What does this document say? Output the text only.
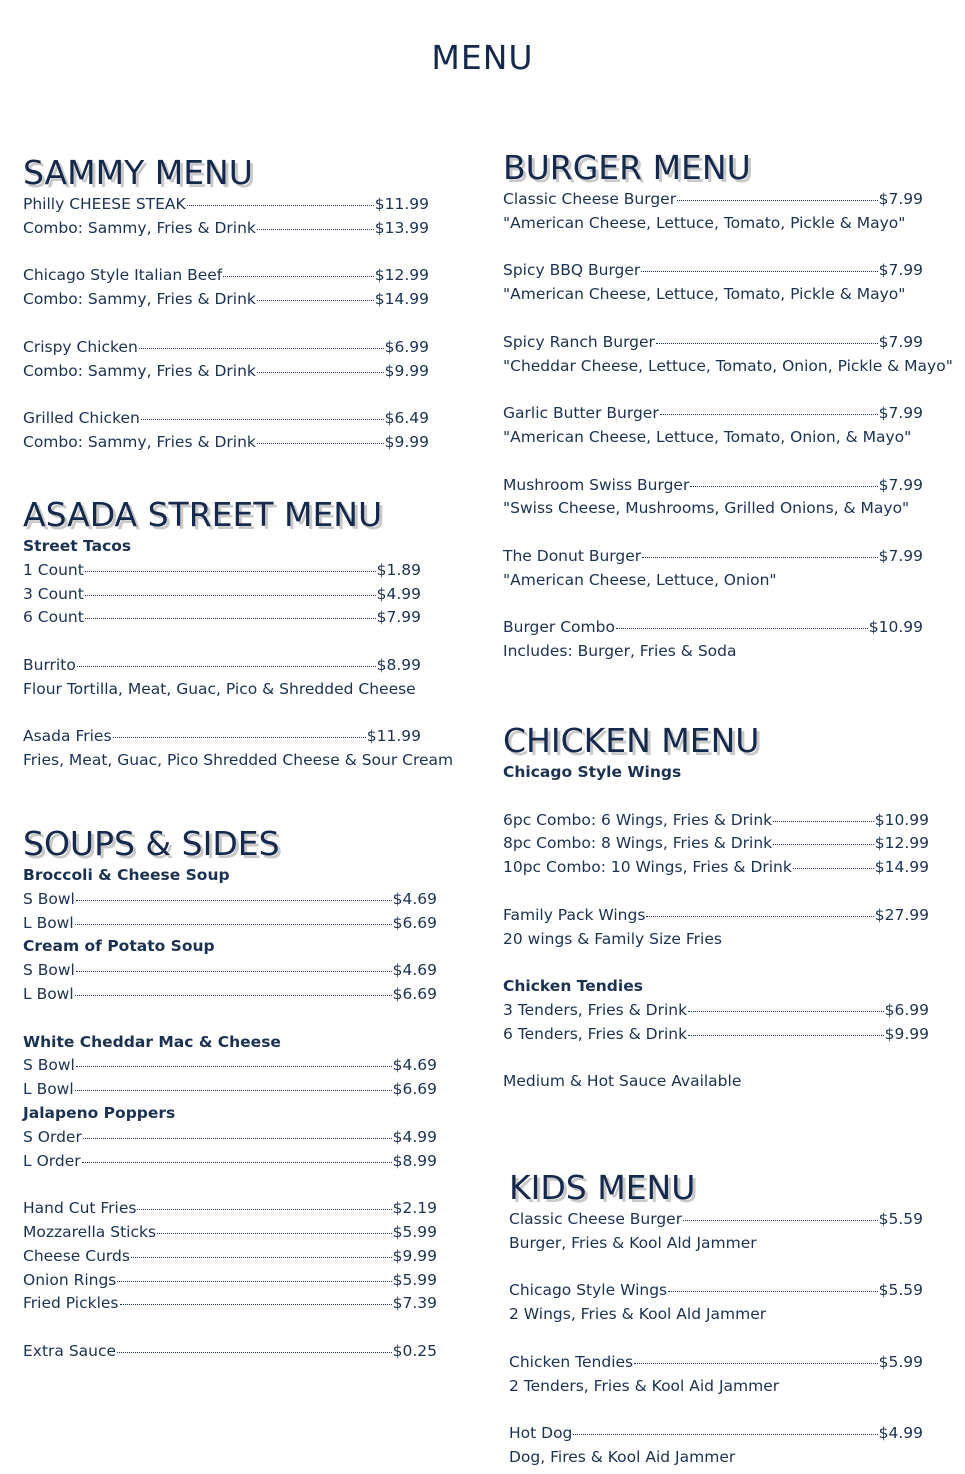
MENU
SAMMY MENU
Philly CHEESE STEAK	$11.99
Combo: Sammy, Fries & Drink	$13.99
Chicago Style Italian Beef	$12.99
Combo: Sammy, Fries & Drink	$14.99
Crispy Chicken	$6.99
Combo: Sammy, Fries & Drink	$9.99
Grilled Chicken	$6.49
Combo: Sammy, Fries & Drink	$9.99
ASADA STREET MENU
Street Tacos
1 Count	$1.89
3 Count	$4.99
6 Count	$7.99
Burrito	$8.99
Flour Tortilla, Meat, Guac, Pico & Shredded Cheese
Asada Fries	$11.99
Fries, Meat, Guac, Pico Shredded Cheese & Sour Cream
SOUPS & SIDES
Broccoli & Cheese Soup
S Bowl	$4.69
L Bowl	$6.69
Cream of Potato Soup
S Bowl	$4.69
L Bowl	$6.69
White Cheddar Mac & Cheese
S Bowl	$4.69
L Bowl	$6.69
Jalapeno Poppers
S Order	$4.99
L Order	$8.99
Hand Cut Fries	$2.19
Mozzarella Sticks	$5.99
Cheese Curds	$9.99
Onion Rings	$5.99
Fried Pickles	$7.39
Extra Sauce	$0.25
BURGER MENU
Classic Cheese Burger	$7.99
"American Cheese, Lettuce, Tomato, Pickle & Mayo"
Spicy BBQ Burger	$7.99
"American Cheese, Lettuce, Tomato, Pickle & Mayo"
Spicy Ranch Burger	$7.99
"Cheddar Cheese, Lettuce, Tomato, Onion, Pickle & Mayo"
Garlic Butter Burger	$7.99
"American Cheese, Lettuce, Tomato, Onion, & Mayo"
Mushroom Swiss Burger	$7.99
"Swiss Cheese, Mushrooms, Grilled Onions, & Mayo"
The Donut Burger	$7.99
"American Cheese, Lettuce, Onion"
Burger Combo	$10.99
Includes: Burger, Fries & Soda
CHICKEN MENU
Chicago Style Wings
6pc Combo: 6 Wings, Fries & Drink	$10.99
8pc Combo: 8 Wings, Fries & Drink	$12.99
10pc Combo: 10 Wings, Fries & Drink	$14.99
Family Pack Wings	$27.99
20 wings & Family Size Fries
Chicken Tendies
3 Tenders, Fries & Drink	$6.99
6 Tenders, Fries & Drink	$9.99
Medium & Hot Sauce Available
KIDS MENU
Classic Cheese Burger	$5.59
Burger, Fries & Kool Ald Jammer
Chicago Style Wings	$5.59
2 Wings, Fries & Kool Ald Jammer
Chicken Tendies	$5.99
2 Tenders, Fries & Kool Aid Jammer
Hot Dog	$4.99
Dog, Fires & Kool Aid Jammer
